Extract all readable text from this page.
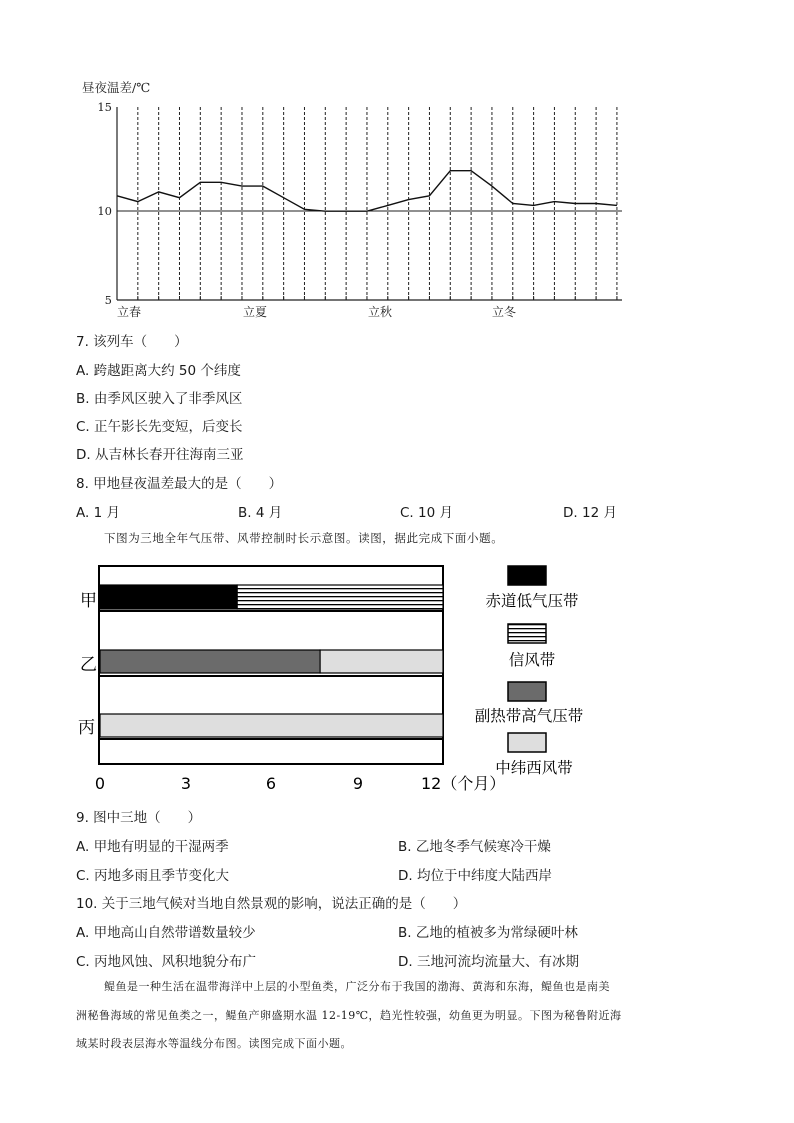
昼夜温差/℃
15
10
5
立春	立夏	立秋	立冬
7. 该列车（　　）
A. 跨越距离大约 50 个纬度
B. 由季风区驶入了非季风区
C. 正午影长先变短，后变长
D. 从吉林长春开往海南三亚
8. 甲地昼夜温差最大的是（　　）
A. 1 月	B. 4 月	C. 10 月	D. 12 月
下图为三地全年气压带、风带控制时长示意图。读图，据此完成下面小题。
甲
乙
丙
0	3	6	9	12（个月）
赤道低气压带
信风带
副热带高气压带
中纬西风带
9. 图中三地（　　）
A. 甲地有明显的干湿两季	B. 乙地冬季气候寒冷干燥
C. 丙地多雨且季节变化大	D. 均位于中纬度大陆西岸
10. 关于三地气候对当地自然景观的影响，说法正确的是（　　）
A. 甲地高山自然带谱数量较少	B. 乙地的植被多为常绿硬叶林
C. 丙地风蚀、风积地貌分布广	D. 三地河流均流量大、有冰期
鳀鱼是一种生活在温带海洋中上层的小型鱼类，广泛分布于我国的渤海、黄海和东海，鳀鱼也是南美
洲秘鲁海域的常见鱼类之一，鳀鱼产卵盛期水温 12-19℃，趋光性较强，幼鱼更为明显。下图为秘鲁附近海
域某时段表层海水等温线分布图。读图完成下面小题。
